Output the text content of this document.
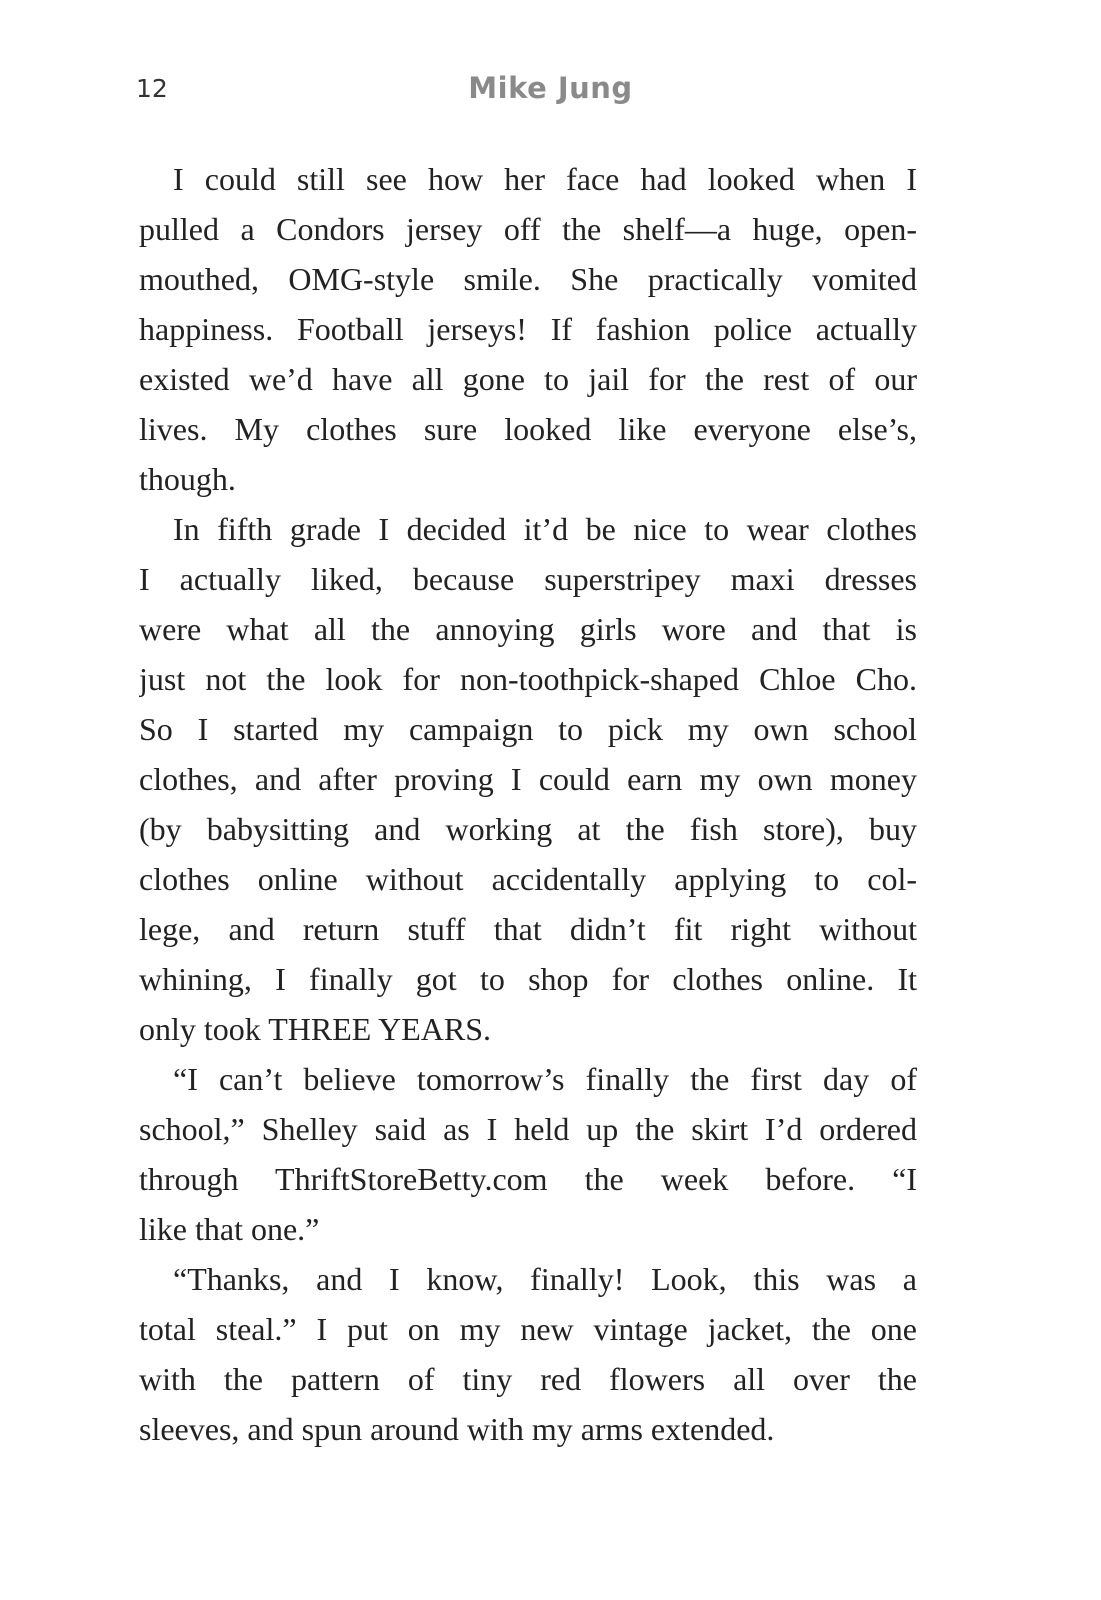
12	Mike Jung
I could still see how her face had looked when I
pulled a Condors jersey off the shelf—a huge, open-
mouthed, OMG-style smile. She practically vomited
happiness. Football jerseys! If fashion police actually
existed we’d have all gone to jail for the rest of our
lives. My clothes sure looked like everyone else’s,
though.
In fifth grade I decided it’d be nice to wear clothes
I actually liked, because superstripey maxi dresses
were what all the annoying girls wore and that is
just not the look for non-toothpick-shaped Chloe Cho.
So I started my campaign to pick my own school
clothes, and after proving I could earn my own money
(by babysitting and working at the fish store), buy
clothes online without accidentally applying to col-
lege, and return stuff that didn’t fit right without
whining, I finally got to shop for clothes online. It
only took THREE YEARS.
“I can’t believe tomorrow’s finally the first day of
school,” Shelley said as I held up the skirt I’d ordered
through ThriftStoreBetty.com the week before. “I
like that one.”
“Thanks, and I know, finally! Look, this was a
total steal.” I put on my new vintage jacket, the one
with the pattern of tiny red flowers all over the
sleeves, and spun around with my arms extended.
